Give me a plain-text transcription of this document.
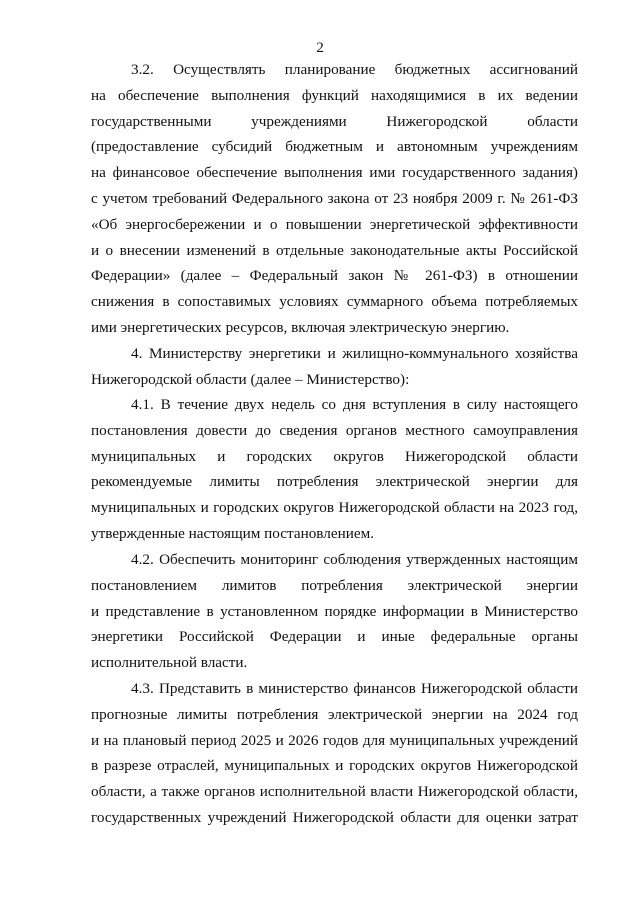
2
3.2. Осуществлять планирование бюджетных ассигнований
на обеспечение выполнения функций находящимися в их ведении
государственными учреждениями Нижегородской области
(предоставление субсидий бюджетным и автономным учреждениям
на финансовое обеспечение выполнения ими государственного задания)
с учетом требований Федерального закона от 23 ноября 2009 г. № 261-ФЗ
«Об энергосбережении и о повышении энергетической эффективности
и о внесении изменений в отдельные законодательные акты Российской
Федерации» (далее – Федеральный закон № 261-ФЗ) в отношении
снижения в сопоставимых условиях суммарного объема потребляемых
ими энергетических ресурсов, включая электрическую энергию.
4. Министерству энергетики и жилищно-коммунального хозяйства
Нижегородской области (далее – Министерство):
4.1. В течение двух недель со дня вступления в силу настоящего
постановления довести до сведения органов местного самоуправления
муниципальных и городских округов Нижегородской области
рекомендуемые лимиты потребления электрической энергии для
муниципальных и городских округов Нижегородской области на 2023 год,
утвержденные настоящим постановлением.
4.2. Обеспечить мониторинг соблюдения утвержденных настоящим
постановлением лимитов потребления электрической энергии
и представление в установленном порядке информации в Министерство
энергетики Российской Федерации и иные федеральные органы
исполнительной власти.
4.3. Представить в министерство финансов Нижегородской области
прогнозные лимиты потребления электрической энергии на 2024 год
и на плановый период 2025 и 2026 годов для муниципальных учреждений
в разрезе отраслей, муниципальных и городских округов Нижегородской
области, а также органов исполнительной власти Нижегородской области,
государственных учреждений Нижегородской области для оценки затрат
